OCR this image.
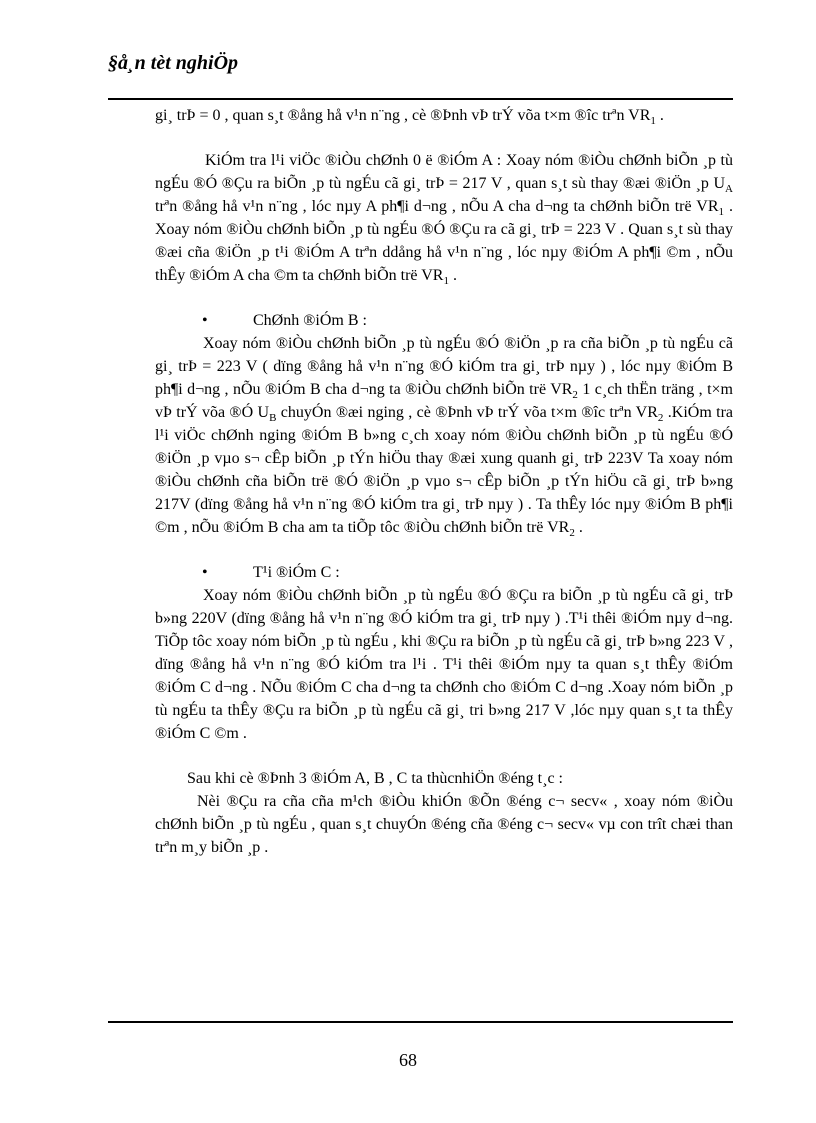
§å¸n tèt nghiÖp

gi¸ trÞ = 0 , quan s¸t ®ång hå v¹n n¨ng , cè ®Þnh vÞ trÝ võa t×m ®îc trªn $VR_1$ .

KiÓm tra l¹i viÖc ®iÒu chØnh 0 ë ®iÓm A : Xoay nóm ®iÒu chØnh biÕn ¸p tù ngÉu ®Ó ®Çu ra biÕn ¸p tù ngÉu cã gi¸ trÞ = 217 V , quan s¸t sù thay ®æi ®iÖn ¸p $U_A$ trªn ®ång hå v¹n n¨ng , lóc nµy A ph¶i d¬ng , nÕu A cha d¬ng ta chØnh biÕn trë $VR_1$ . Xoay nóm ®iÒu chØnh biÕn ¸p tù ngÉu ®Ó ®Çu ra cã gi¸ trÞ = 223 V . Quan s¸t sù thay ®æi cña ®iÖn ¸p t¹i ®iÓm A trªn ddång hå v¹n n¨ng , lóc nµy ®iÓm A ph¶i ©m , nÕu thÊy ®iÓm A cha ©m ta chØnh biÕn trë $VR_1$ .

•	ChØnh ®iÓm B :

Xoay nóm ®iÒu chØnh biÕn ¸p tù ngÉu ®Ó ®iÖn ¸p ra cña biÕn ¸p tù ngÉu cã gi¸ trÞ = 223 V ( dïng ®ång hå v¹n n¨ng ®Ó kiÓm tra gi¸ trÞ nµy ) , lóc nµy ®iÓm B ph¶i d¬ng , nÕu ®iÓm B cha d¬ng ta ®iÒu chØnh biÕn trë $VR_2$ 1 c¸ch thËn träng , t×m vÞ trÝ võa ®Ó $U_B$ chuyÓn ®æi nging , cè ®Þnh vÞ trÝ võa t×m ®îc trªn $VR_2$ .KiÓm tra l¹i viÖc chØnh nging ®iÓm B b»ng c¸ch xoay nóm ®iÒu chØnh biÕn ¸p tù ngÉu ®Ó ®iÖn ¸p vµo s¬ cÊp biÕn ¸p tÝn hiÖu thay ®æi xung quanh gi¸ trÞ 223V Ta xoay nóm ®iÒu chØnh cña biÕn trë ®Ó ®iÖn ¸p vµo s¬ cÊp biÕn ¸p tÝn hiÖu cã gi¸ trÞ b»ng 217V (dïng ®ång hå v¹n n¨ng ®Ó kiÓm tra gi¸ trÞ nµy ) . Ta thÊy lóc nµy ®iÓm B ph¶i ©m , nÕu ®iÓm B cha am ta tiÕp tôc ®iÒu chØnh biÕn trë $VR_2$ .

•	T¹i ®iÓm C :

Xoay nóm ®iÒu chØnh biÕn ¸p tù ngÉu ®Ó ®Çu ra biÕn ¸p tù ngÉu cã gi¸ trÞ b»ng 220V (dïng ®ång hå v¹n n¨ng ®Ó kiÓm tra gi¸ trÞ nµy ) .T¹i thêi ®iÓm nµy d¬ng. TiÕp tôc xoay nóm biÕn ¸p tù ngÉu , khi ®Çu ra biÕn ¸p tù ngÉu cã gi¸ trÞ b»ng 223 V , dïng ®ång hå v¹n n¨ng ®Ó kiÓm tra l¹i . T¹i thêi ®iÓm nµy ta quan s¸t thÊy ®iÓm ®iÓm C d¬ng . NÕu ®iÓm C cha d¬ng ta chØnh cho ®iÓm C d¬ng .Xoay nóm biÕn ¸p tù ngÉu ta thÊy ®Çu ra biÕn ¸p tù ngÉu cã gi¸ tri b»ng 217 V ,lóc nµy quan s¸t ta thÊy ®iÓm C ©m .

Sau khi cè ®Þnh 3 ®iÓm A, B , C ta thùcnhiÖn ®éng t¸c :

Nèi ®Çu ra cña cña m¹ch ®iÒu khiÓn ®Õn ®éng c¬ secv« , xoay nóm ®iÒu chØnh biÕn ¸p tù ngÉu , quan s¸t chuyÓn ®éng cña ®éng c¬ secv« vµ con trît chæi than trªn m¸y biÕn ¸p .

68
